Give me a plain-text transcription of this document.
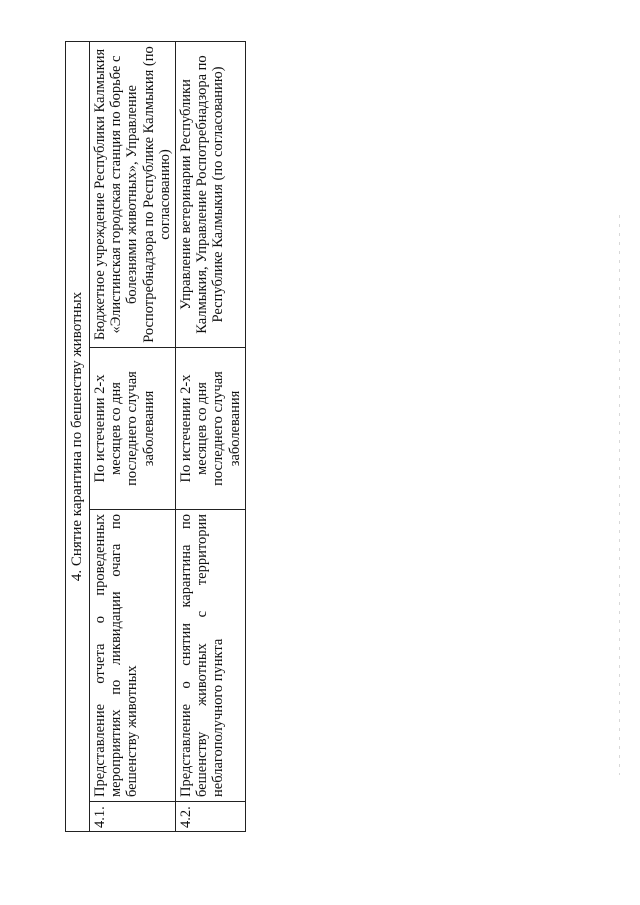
4. Снятие карантина по бешенству животных			
4.1.	Представление отчета о проведенных мероприятиях по ликвидации очага по бешенству животных	По истечении 2-х месяцев со дня последнего случая заболевания	Бюджетное учреждение Республики Калмыкия «Элистинская городская станция по борьбе с болезнями животных», Управление Роспотребнадзора по Республике Калмыкия (по согласованию)
4.2.	Представление о снятии карантина по бешенству животных с территории неблагополучного пункта	По истечении 2-х месяцев со дня последнего случая заболевания	Управление ветеринарии Республики Калмыкия, Управление Роспотребнадзора по Республике Калмыкия (по согласованию)
